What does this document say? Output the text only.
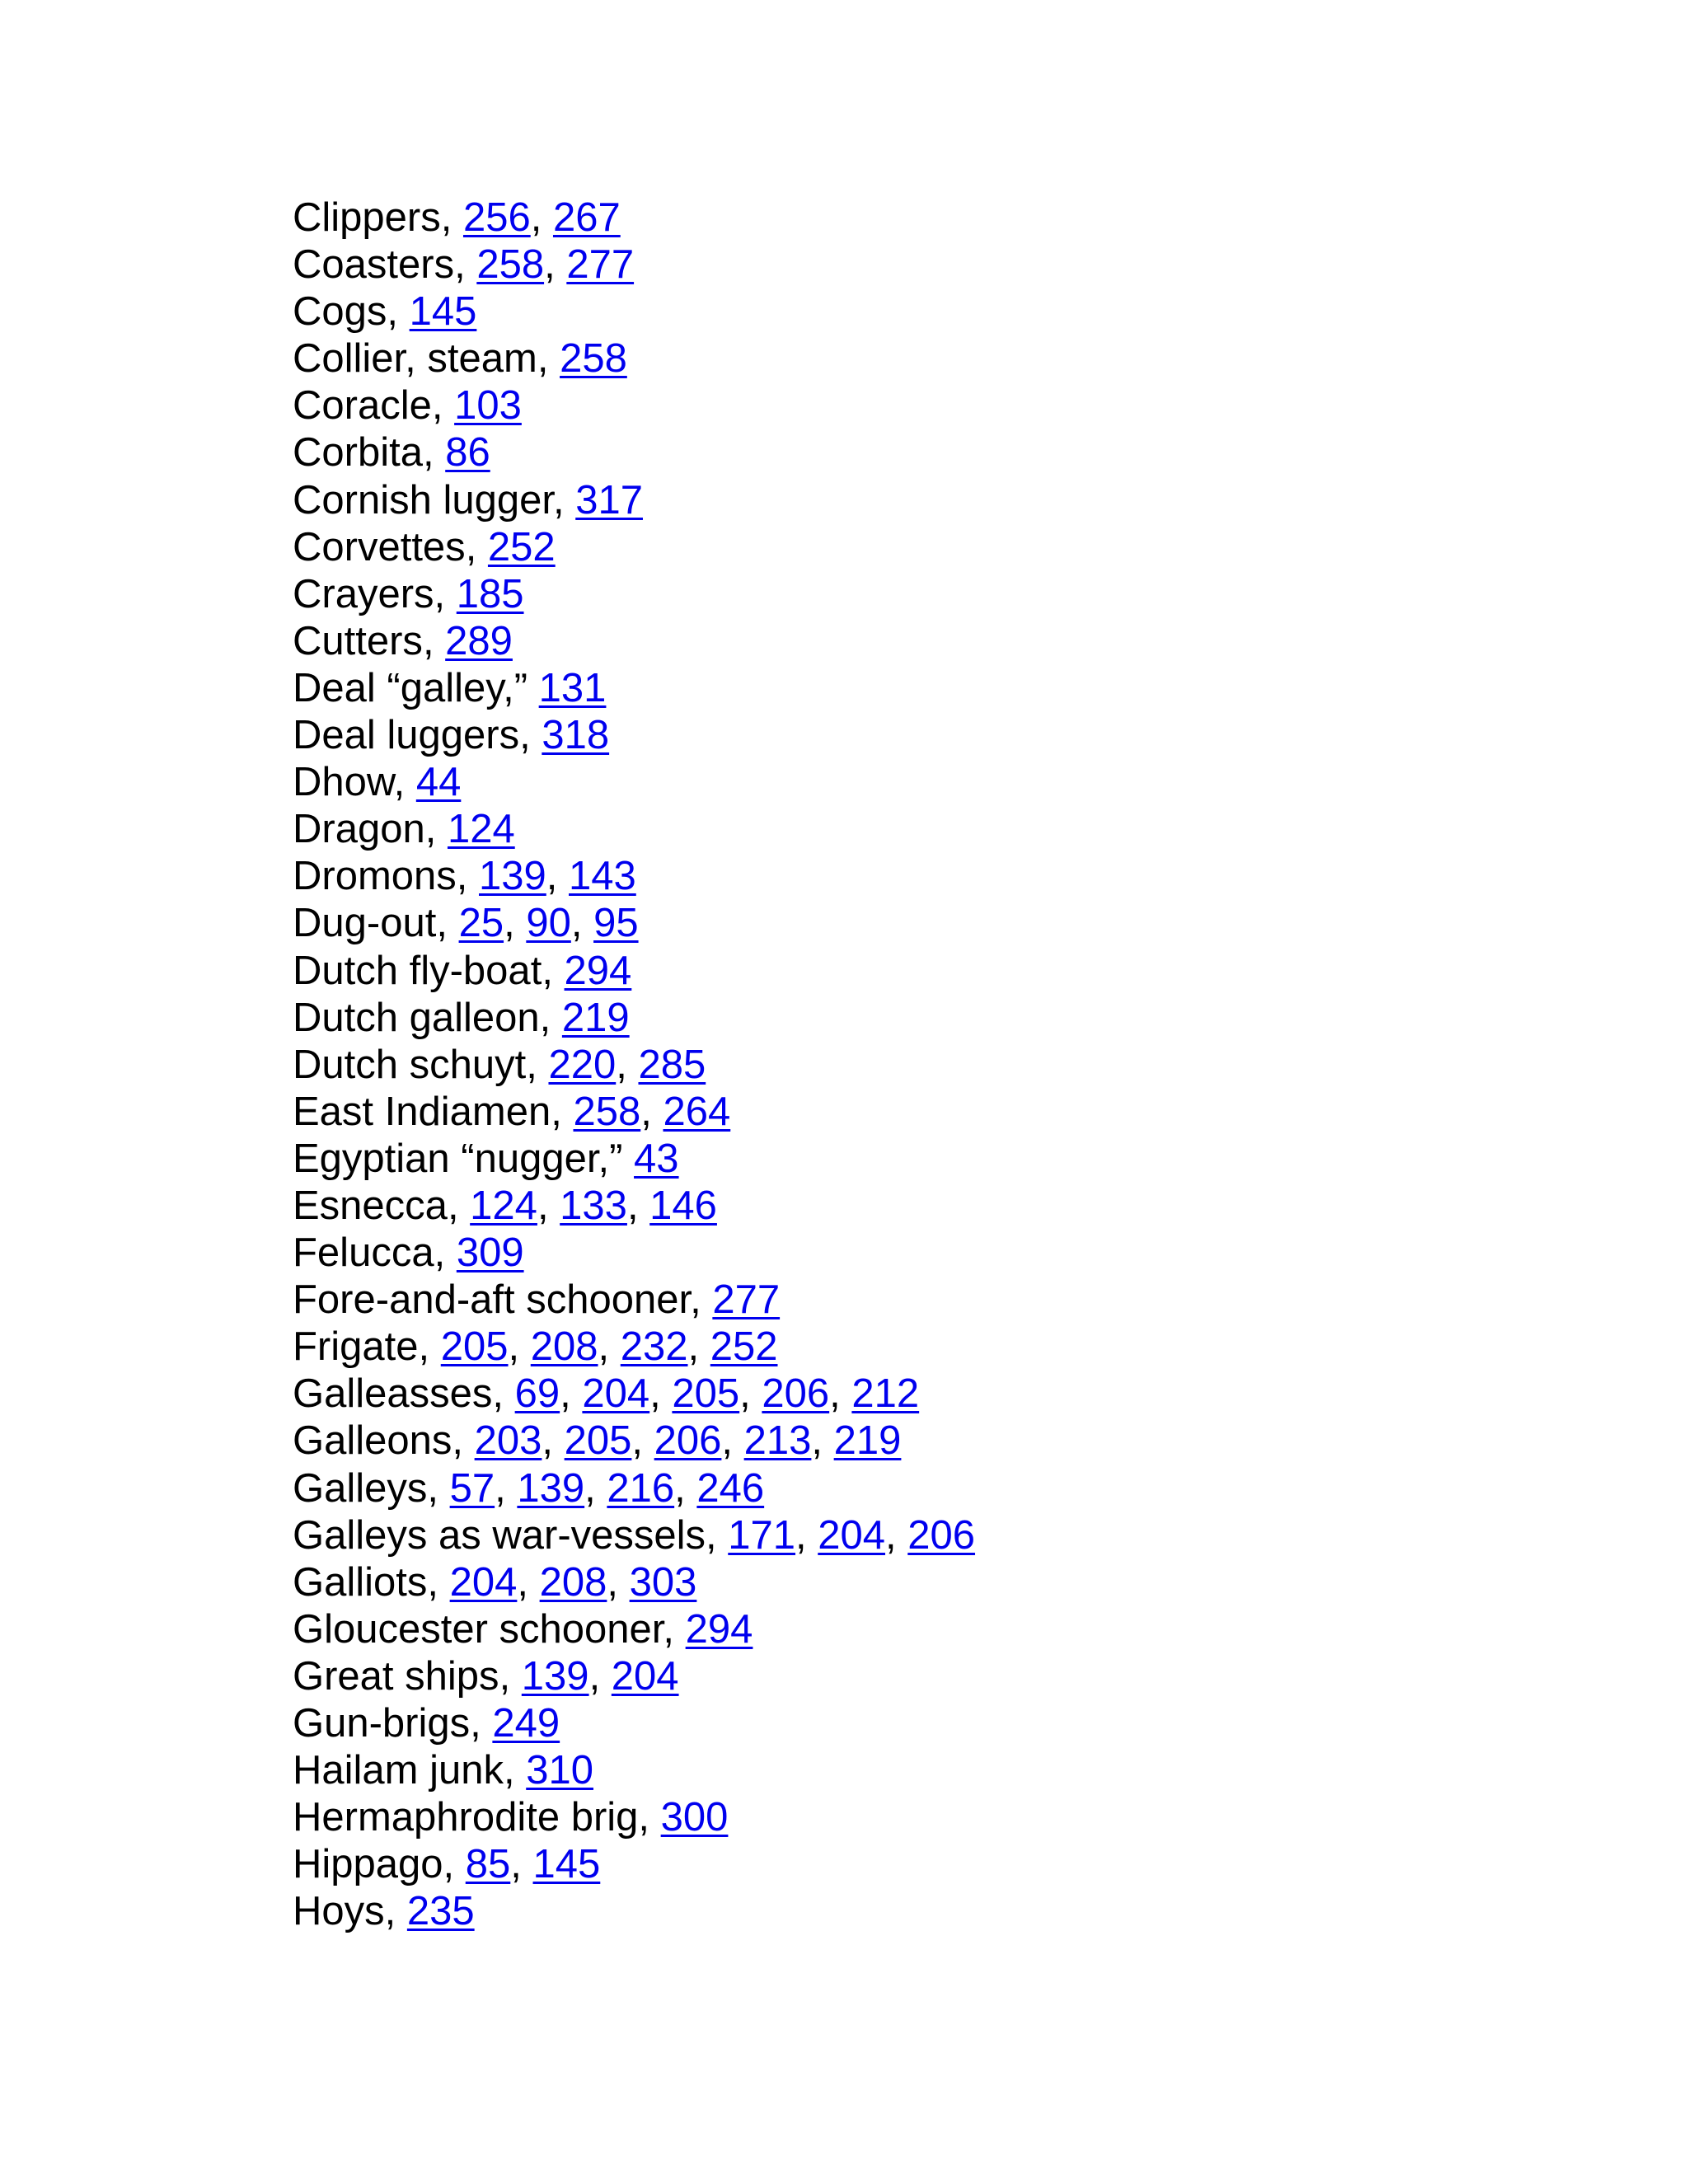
Clippers, 256, 267
Coasters, 258, 277
Cogs, 145
Collier, steam, 258
Coracle, 103
Corbita, 86
Cornish lugger, 317
Corvettes, 252
Crayers, 185
Cutters, 289
Deal “galley,” 131
Deal luggers, 318
Dhow, 44
Dragon, 124
Dromons, 139, 143
Dug-out, 25, 90, 95
Dutch fly-boat, 294
Dutch galleon, 219
Dutch schuyt, 220, 285
East Indiamen, 258, 264
Egyptian “nugger,” 43
Esnecca, 124, 133, 146
Felucca, 309
Fore-and-aft schooner, 277
Frigate, 205, 208, 232, 252
Galleasses, 69, 204, 205, 206, 212
Galleons, 203, 205, 206, 213, 219
Galleys, 57, 139, 216, 246
Galleys as war-vessels, 171, 204, 206
Galliots, 204, 208, 303
Gloucester schooner, 294
Great ships, 139, 204
Gun-brigs, 249
Hailam junk, 310
Hermaphrodite brig, 300
Hippago, 85, 145
Hoys, 235
